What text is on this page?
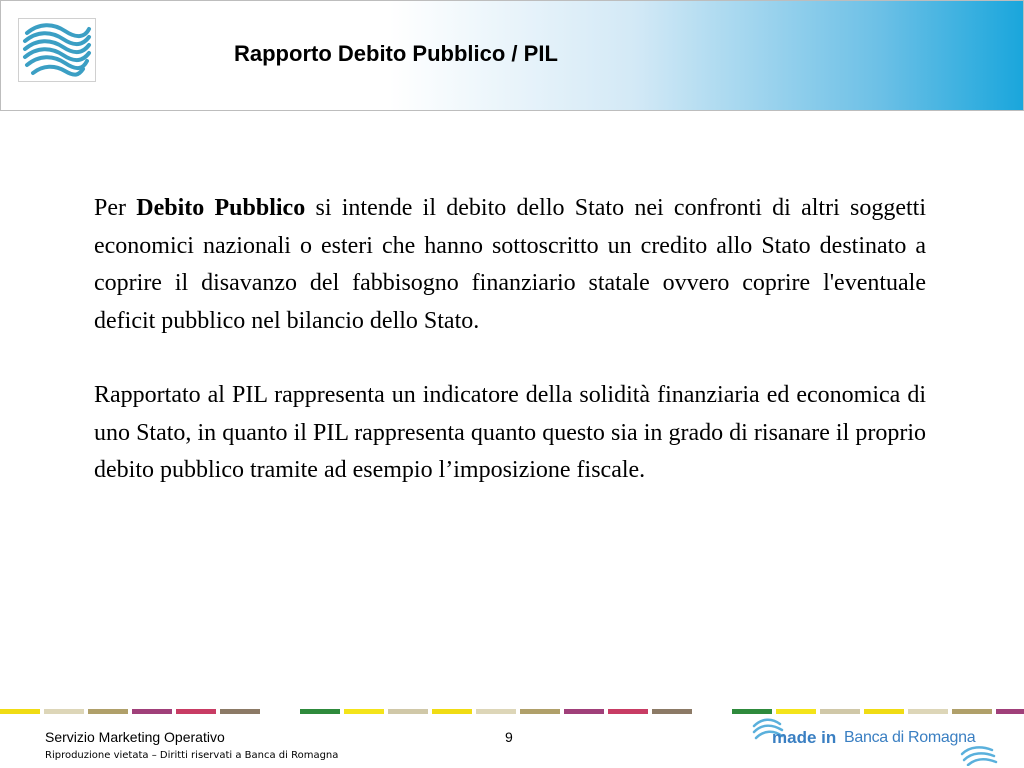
Rapporto Debito Pubblico / PIL

Per Debito Pubblico si intende il debito dello Stato nei confronti di altri soggetti economici nazionali o esteri che hanno sottoscritto un credito allo Stato destinato a coprire il disavanzo del fabbisogno finanziario statale ovvero coprire l'eventuale deficit pubblico nel bilancio dello Stato.

Rapportato al PIL rappresenta un indicatore della solidità finanziaria ed economica di uno Stato, in quanto il PIL rappresenta quanto questo sia in grado di risanare il proprio debito pubblico tramite ad esempio l’imposizione fiscale.

Servizio Marketing Operativo
Riproduzione vietata – Diritti riservati a Banca di Romagna
9	made in Banca di Romagna
